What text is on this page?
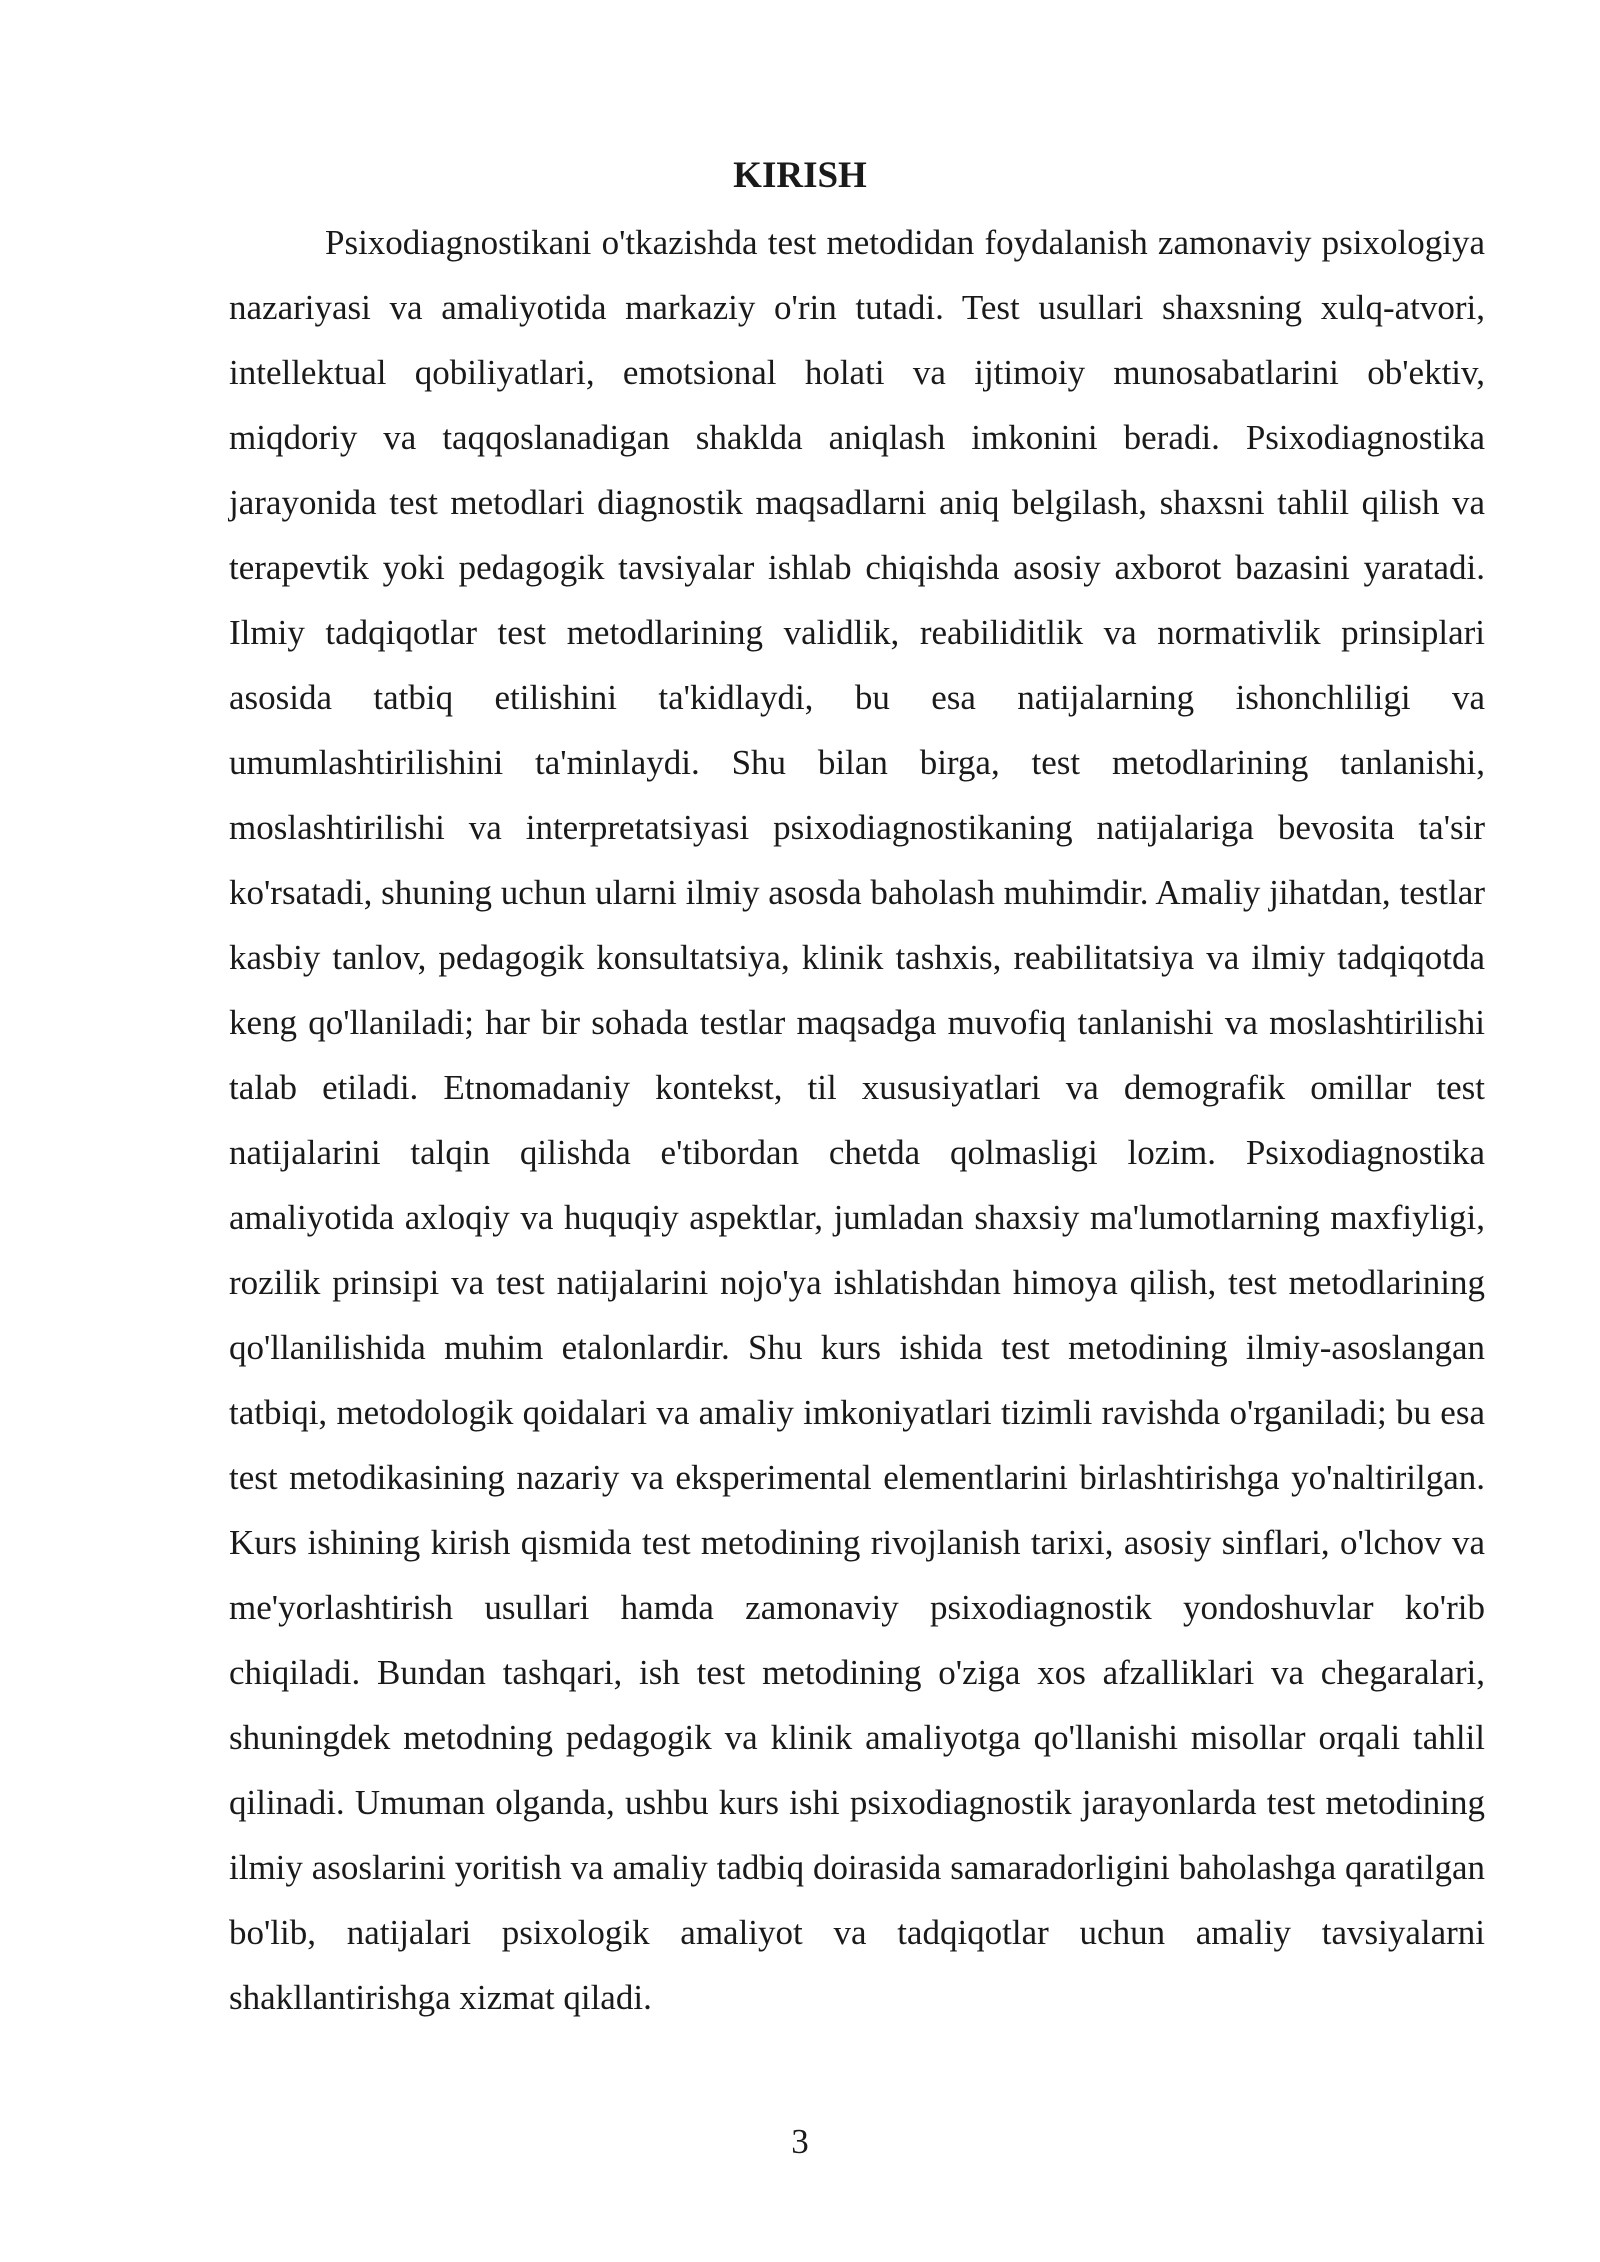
KIRISH

Psixodiagnostikani o'tkazishda test metodidan foydalanish zamonaviy psixologiya nazariyasi va amaliyotida markaziy o'rin tutadi. Test usullari shaxsning xulq-atvori, intellektual qobiliyatlari, emotsional holati va ijtimoiy munosabatlarini ob'ektiv, miqdoriy va taqqoslanadigan shaklda aniqlash imkonini beradi. Psixodiagnostika jarayonida test metodlari diagnostik maqsadlarni aniq belgilash, shaxsni tahlil qilish va terapevtik yoki pedagogik tavsiyalar ishlab chiqishda asosiy axborot bazasini yaratadi. Ilmiy tadqiqotlar test metodlarining validlik, reabiliditlik va normativlik prinsiplari asosida tatbiq etilishini ta'kidlaydi, bu esa natijalarning ishonchliligi va umumlashtirilishini ta'minlaydi. Shu bilan birga, test metodlarining tanlanishi, moslashtirilishi va interpretatsiyasi psixodiagnostikaning natijalariga bevosita ta'sir ko'rsatadi, shuning uchun ularni ilmiy asosda baholash muhimdir. Amaliy jihatdan, testlar kasbiy tanlov, pedagogik konsultatsiya, klinik tashxis, reabilitatsiya va ilmiy tadqiqotda keng qo'llaniladi; har bir sohada testlar maqsadga muvofiq tanlanishi va moslashtirilishi talab etiladi. Etnomadaniy kontekst, til xususiyatlari va demografik omillar test natijalarini talqin qilishda e'tibordan chetda qolmasligi lozim. Psixodiagnostika amaliyotida axloqiy va huquqiy aspektlar, jumladan shaxsiy ma'lumotlarning maxfiyligi, rozilik prinsipi va test natijalarini nojo'ya ishlatishdan himoya qilish, test metodlarining qo'llanilishida muhim etalonlardir. Shu kurs ishida test metodining ilmiy-asoslangan tatbiqi, metodologik qoidalari va amaliy imkoniyatlari tizimli ravishda o'rganiladi; bu esa test metodikasining nazariy va eksperimental elementlarini birlashtirishga yo'naltirilgan. Kurs ishining kirish qismida test metodining rivojlanish tarixi, asosiy sinflari, o'lchov va me'yorlashtirish usullari hamda zamonaviy psixodiagnostik yondoshuvlar ko'rib chiqiladi. Bundan tashqari, ish test metodining o'ziga xos afzalliklari va chegaralari, shuningdek metodning pedagogik va klinik amaliyotga qo'llanishi misollar orqali tahlil qilinadi. Umuman olganda, ushbu kurs ishi psixodiagnostik jarayonlarda test metodining ilmiy asoslarini yoritish va amaliy tadbiq doirasida samaradorligini baholashga qaratilgan bo'lib, natijalari psixologik amaliyot va tadqiqotlar uchun amaliy tavsiyalarni shakllantirishga xizmat qiladi.

3
